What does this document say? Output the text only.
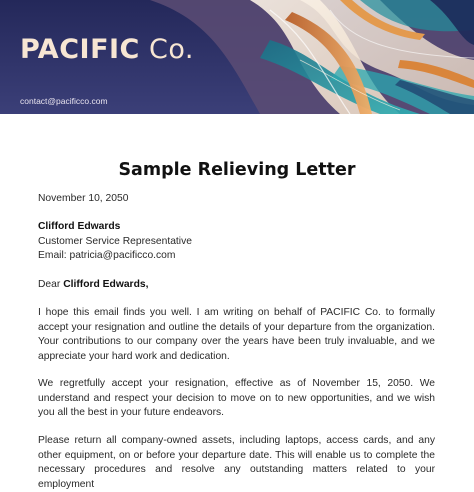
PACIFIC Co.
contact@pacificco.com
Sample Relieving Letter
November 10, 2050

Clifford Edwards

Customer Service Representative

Email: patricia@pacificco.com

Dear Clifford Edwards,
I hope this email finds you well. I am writing on behalf of PACIFIC Co. to formally
accept your resignation and outline the details of your departure from the organization.
Your contributions to our company over the years have been truly invaluable, and we
appreciate your hard work and dedication.
We regretfully accept your resignation, effective as of November 15, 2050. We
understand and respect your decision to move on to new opportunities, and we wish
you all the best in your future endeavors.
Please return all company-owned assets, including laptops, access cards, and any
other equipment, on or before your departure date. This will enable us to complete the
necessary procedures and resolve any outstanding matters related to your employment
